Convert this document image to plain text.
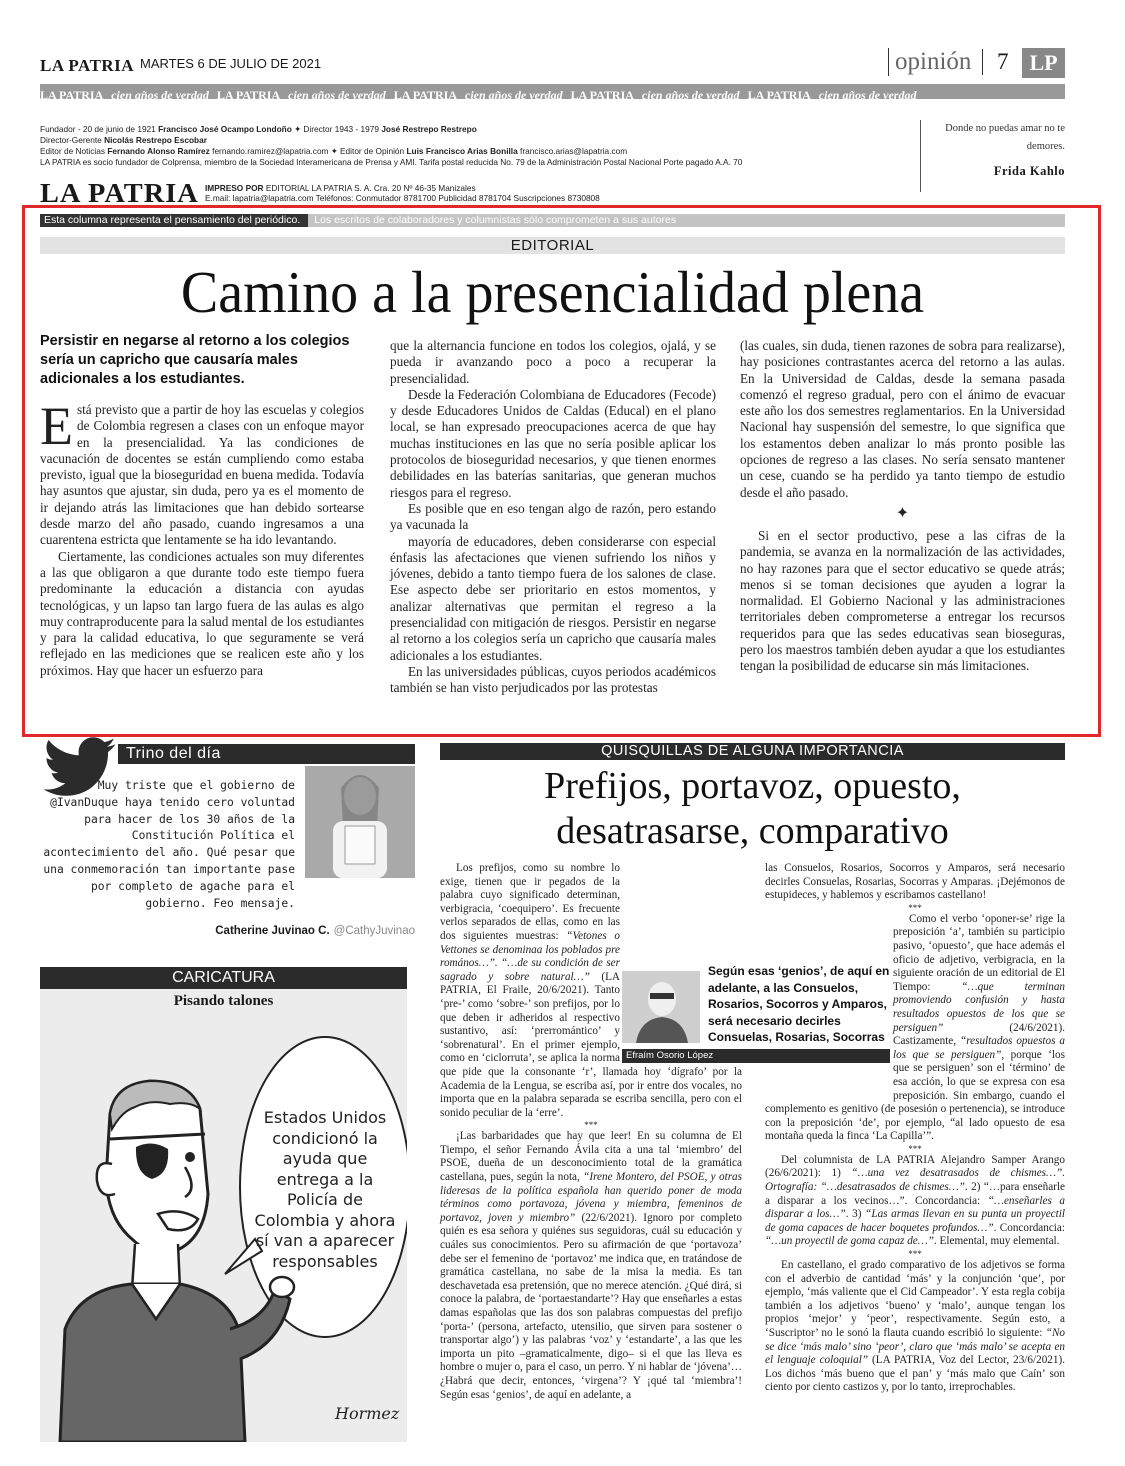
LA PATRIA MARTES 6 DE JULIO DE 2021	opinión	7 LP
LA PATRIA cien años de verdad LA PATRIA cien años de verdad LA PATRIA cien años de verdad LA PATRIA cien años de verdad LA PATRIA cien años de verdad
Fundador - 20 de junio de 1921 Francisco José Ocampo Londoño ✦ Director 1943 - 1979 José Restrepo Restrepo
Director-Gerente Nicolás Restrepo Escobar
Editor de Noticias Fernando Alonso Ramírez fernando.ramirez@lapatria.com ✦ Editor de Opinión Luis Francisco Arias Bonilla francisco.arias@lapatria.com
LA PATRIA es socio fundador de Colprensa, miembro de la Sociedad Interamericana de Prensa y AMI. Tarifa postal reducida No. 79 de la Administración Postal Nacional Porte pagado A.A. 70
Donde no puedas amar no te demores.
Frida Kahlo
LA PATRIA IMPRESO POR EDITORIAL LA PATRIA S. A. Cra. 20 Nº 46-35 Manizales
E.mail: lapatria@lapatria.com Teléfonos: Conmutador 8781700 Publicidad 8781704 Suscripciones 8730808
Esta columna representa el pensamiento del periódico. Los escritos de colaboradores y columnistas sólo comprometen a sus autores
EDITORIAL
Camino a la presencialidad plena
Persistir en negarse al retorno a los colegios sería un capricho que causaría males adicionales a los estudiantes.

Está previsto que a partir de hoy las escuelas y colegios de Colombia regresen a clases con un enfoque mayor en la presencialidad. Ya las condiciones de vacunación de docentes se están cumpliendo como estaba previsto, igual que la bioseguridad en buena medida. Todavía hay asuntos que ajustar, sin duda, pero ya es el momento de ir dejando atrás las limitaciones que han debido sortearse desde marzo del año pasado, cuando ingresamos a una cuarentena estricta que lentamente se ha ido levantando.

Ciertamente, las condiciones actuales son muy diferentes a las que obligaron a que durante todo este tiempo fuera predominante la educación a distancia con ayudas tecnológicas, y un lapso tan largo fuera de las aulas es algo muy contraproducente para la salud mental de los estudiantes y para la calidad educativa, lo que seguramente se verá reflejado en las mediciones que se realicen este año y los próximos. Hay que hacer un esfuerzo para

que la alternancia funcione en todos los colegios, ojalá, y se pueda ir avanzando poco a poco a recuperar la presencialidad.

Desde la Federación Colombiana de Educadores (Fecode) y desde Educadores Unidos de Caldas (Educal) en el plano local, se han expresado preocupaciones acerca de que hay muchas instituciones en las que no sería posible aplicar los protocolos de bioseguridad necesarios, y que tienen enormes debilidades en las baterías sanitarias, que generan muchos riesgos para el regreso.

Es posible que en eso tengan algo de razón, pero estando ya vacunada la

mayoría de educadores, deben considerarse con especial énfasis las afectaciones que vienen sufriendo los niños y jóvenes, debido a tanto tiempo fuera de los salones de clase. Ese aspecto debe ser prioritario en estos momentos, y analizar alternativas que permitan el regreso a la presencialidad con mitigación de riesgos. Persistir en negarse al retorno a los colegios sería un capricho que causaría males adicionales a los estudiantes.

En las universidades públicas, cuyos periodos académicos también se han visto perjudicados por las protestas

(las cuales, sin duda, tienen razones de sobra para realizarse), hay posiciones contrastantes acerca del retorno a las aulas. En la Universidad de Caldas, desde la semana pasada comenzó el regreso gradual, pero con el ánimo de evacuar este año los dos semestres reglamentarios. En la Universidad Nacional hay suspensión del semestre, lo que significa que los estamentos deben analizar lo más pronto posible las opciones de regreso a las clases. No sería sensato mantener un cese, cuando se ha perdido ya tanto tiempo de estudio desde el año pasado.

✦

Si en el sector productivo, pese a las cifras de la pandemia, se avanza en la normalización de las actividades, no hay razones para que el sector educativo se quede atrás; menos si se toman decisiones que ayuden a lograr la normalidad. El Gobierno Nacional y las administraciones territoriales deben comprometerse a entregar los recursos requeridos para que las sedes educativas sean bioseguras, pero los maestros también deben ayudar a que los estudiantes tengan la posibilidad de educarse sin más limitaciones.

Trino del día
Muy triste que el gobierno de @IvanDuque haya tenido cero voluntad para hacer de los 30 años de la Constitución Política el acontecimiento del año. Qué pesar que una conmemoración tan importante pase por completo de agache para el gobierno. Feo mensaje.
Catherine Juvinao C. @CathyJuvinao
CARICATURA
Pisando talones
Hormez
Estados Unidos condicionó la ayuda que entrega a la Policía de Colombia y ahora sí van a aparecer responsables
QUISQUILLAS DE ALGUNA IMPORTANCIA
Prefijos, portavoz, opuesto,
desatrasarse, comparativo

Los prefijos, como su nombre lo exige, tienen que ir pegados de la palabra cuyo significado determinan, verbigracia, ‘coequipero’. Es frecuente verlos separados de ellas, como en las dos siguientes muestras: “Vetones o Vettones se denominaa los poblados pre romános…”. “…de su condición de ser sagrado y sobre natural…” (LA PATRIA, El Fraile, 20/6/2021). Tanto ‘pre-’ como ‘sobre-’ son prefijos, por lo que deben ir adheridos al respectivo sustantivo, así: ‘prerromántico’ y ‘sobrenatural’. En el primer ejemplo, como en ‘ciclorruta’, se aplica la norma que pide que la consonante ‘r’, llamada hoy ‘dígrafo’ por la Academia de la Lengua, se escriba así, por ir entre dos vocales, no importa que en la palabra separada se escriba sencilla, pero con el sonido peculiar de la ‘erre’.

***

¡Las barbaridades que hay que leer! En su columna de El Tiempo, el señor Fernando Ávila cita a una tal ‘miembro’ del PSOE, dueña de un desconocimiento total de la gramática castellana, pues, según la nota, “Irene Montero, del PSOE, y otras lideresas de la política española han querido poner de moda términos como portavoza, jóvena y miembra, femeninos de portavoz, joven y miembro” (22/6/2021). Ignoro por completo quién es esa señora y quiénes sus seguidoras, cuál su educación y cuáles sus conocimientos. Pero su afirmación de que ‘portavoza’ debe ser el femenino de ‘portavoz’ me indica que, en tratándose de gramática castellana, no sabe de la misa la media. Es tan deschavetada esa pretensión, que no merece atención. ¿Qué dirá, si conoce la palabra, de ‘portaestandarte’? Hay que enseñarles a estas damas españolas que las dos son palabras compuestas del prefijo ‘porta-’ (persona, artefacto, utensilio, que sirven para sostener o transportar algo’) y las palabras ‘voz’ y ‘estandarte’, a las que les importa un pito –gramaticalmente, digo– si el que las lleva es hombre o mujer o, para el caso, un perro. Y ni hablar de ‘jóvena’… ¿Habrá que decir, entonces, ‘virgena’? Y ¡qué tal ‘miembra’! Según esas ‘genios’, de aquí en adelante, a

Según esas ‘genios’, de aquí en adelante, a las Consuelos, Rosarios, Socorros y Amparos, será necesario decirles Consuelas, Rosarias, Socorras
Efraím Osorio López

las Consuelos, Rosarios, Socorros y Amparos, será necesario decirles Consuelas, Rosarias, Socorras y Amparas. ¡Dejémonos de estupideces, y hablemos y escribamos castellano!

***

Como el verbo ‘oponer-se’ rige la preposición ‘a’, también su participio pasivo, ‘opuesto’, que hace además el oficio de adjetivo, verbigracia, en la siguiente oración de un editorial de El Tiempo: “…que terminan promoviendo confusión y hasta resultados opuestos de los que se persiguen” (24/6/2021). Castizamente, “resultados opuestos a los que se persiguen”, porque ‘los que se persiguen’ son el ‘término’ de esa acción, lo que se expresa con esa preposición. Sin embargo, cuando el complemento es genitivo (de posesión o pertenencia), se introduce con la preposición ‘de’, por ejemplo, “al lado opuesto de esa montaña queda la finca ‘La Capilla’”.

***

Del columnista de LA PATRIA Alejandro Samper Arango (26/6/2021): 1) “…una vez desatrasados de chismes…”. Ortografía: “…desatrasados de chismes…”. 2) “…para enseñarle a disparar a los vecinos…”. Concordancia: “…enseñarles a disparar a los…”. 3) “Las armas llevan en su punta un proyectil de goma capaces de hacer boquetes profundos…”. Concordancia: “…un proyectil de goma capaz de…”. Elemental, muy elemental.

***

En castellano, el grado comparativo de los adjetivos se forma con el adverbio de cantidad ‘más’ y la conjunción ‘que’, por ejemplo, ‘más valiente que el Cid Campeador’. Y esta regla cobija también a los adjetivos ‘bueno’ y ‘malo’, aunque tengan los propios ‘mejor’ y ‘peor’, respectivamente. Según esto, a ‘Suscriptor’ no le sonó la flauta cuando escribió lo siguiente: “No se dice ‘más malo’ sino ‘peor’, claro que ‘más malo’ se acepta en el lenguaje coloquial” (LA PATRIA, Voz del Lector, 23/6/2021). Los dichos ‘más bueno que el pan’ y ‘más malo que Caín’ son ciento por ciento castizos y, por lo tanto, irreprochables.
